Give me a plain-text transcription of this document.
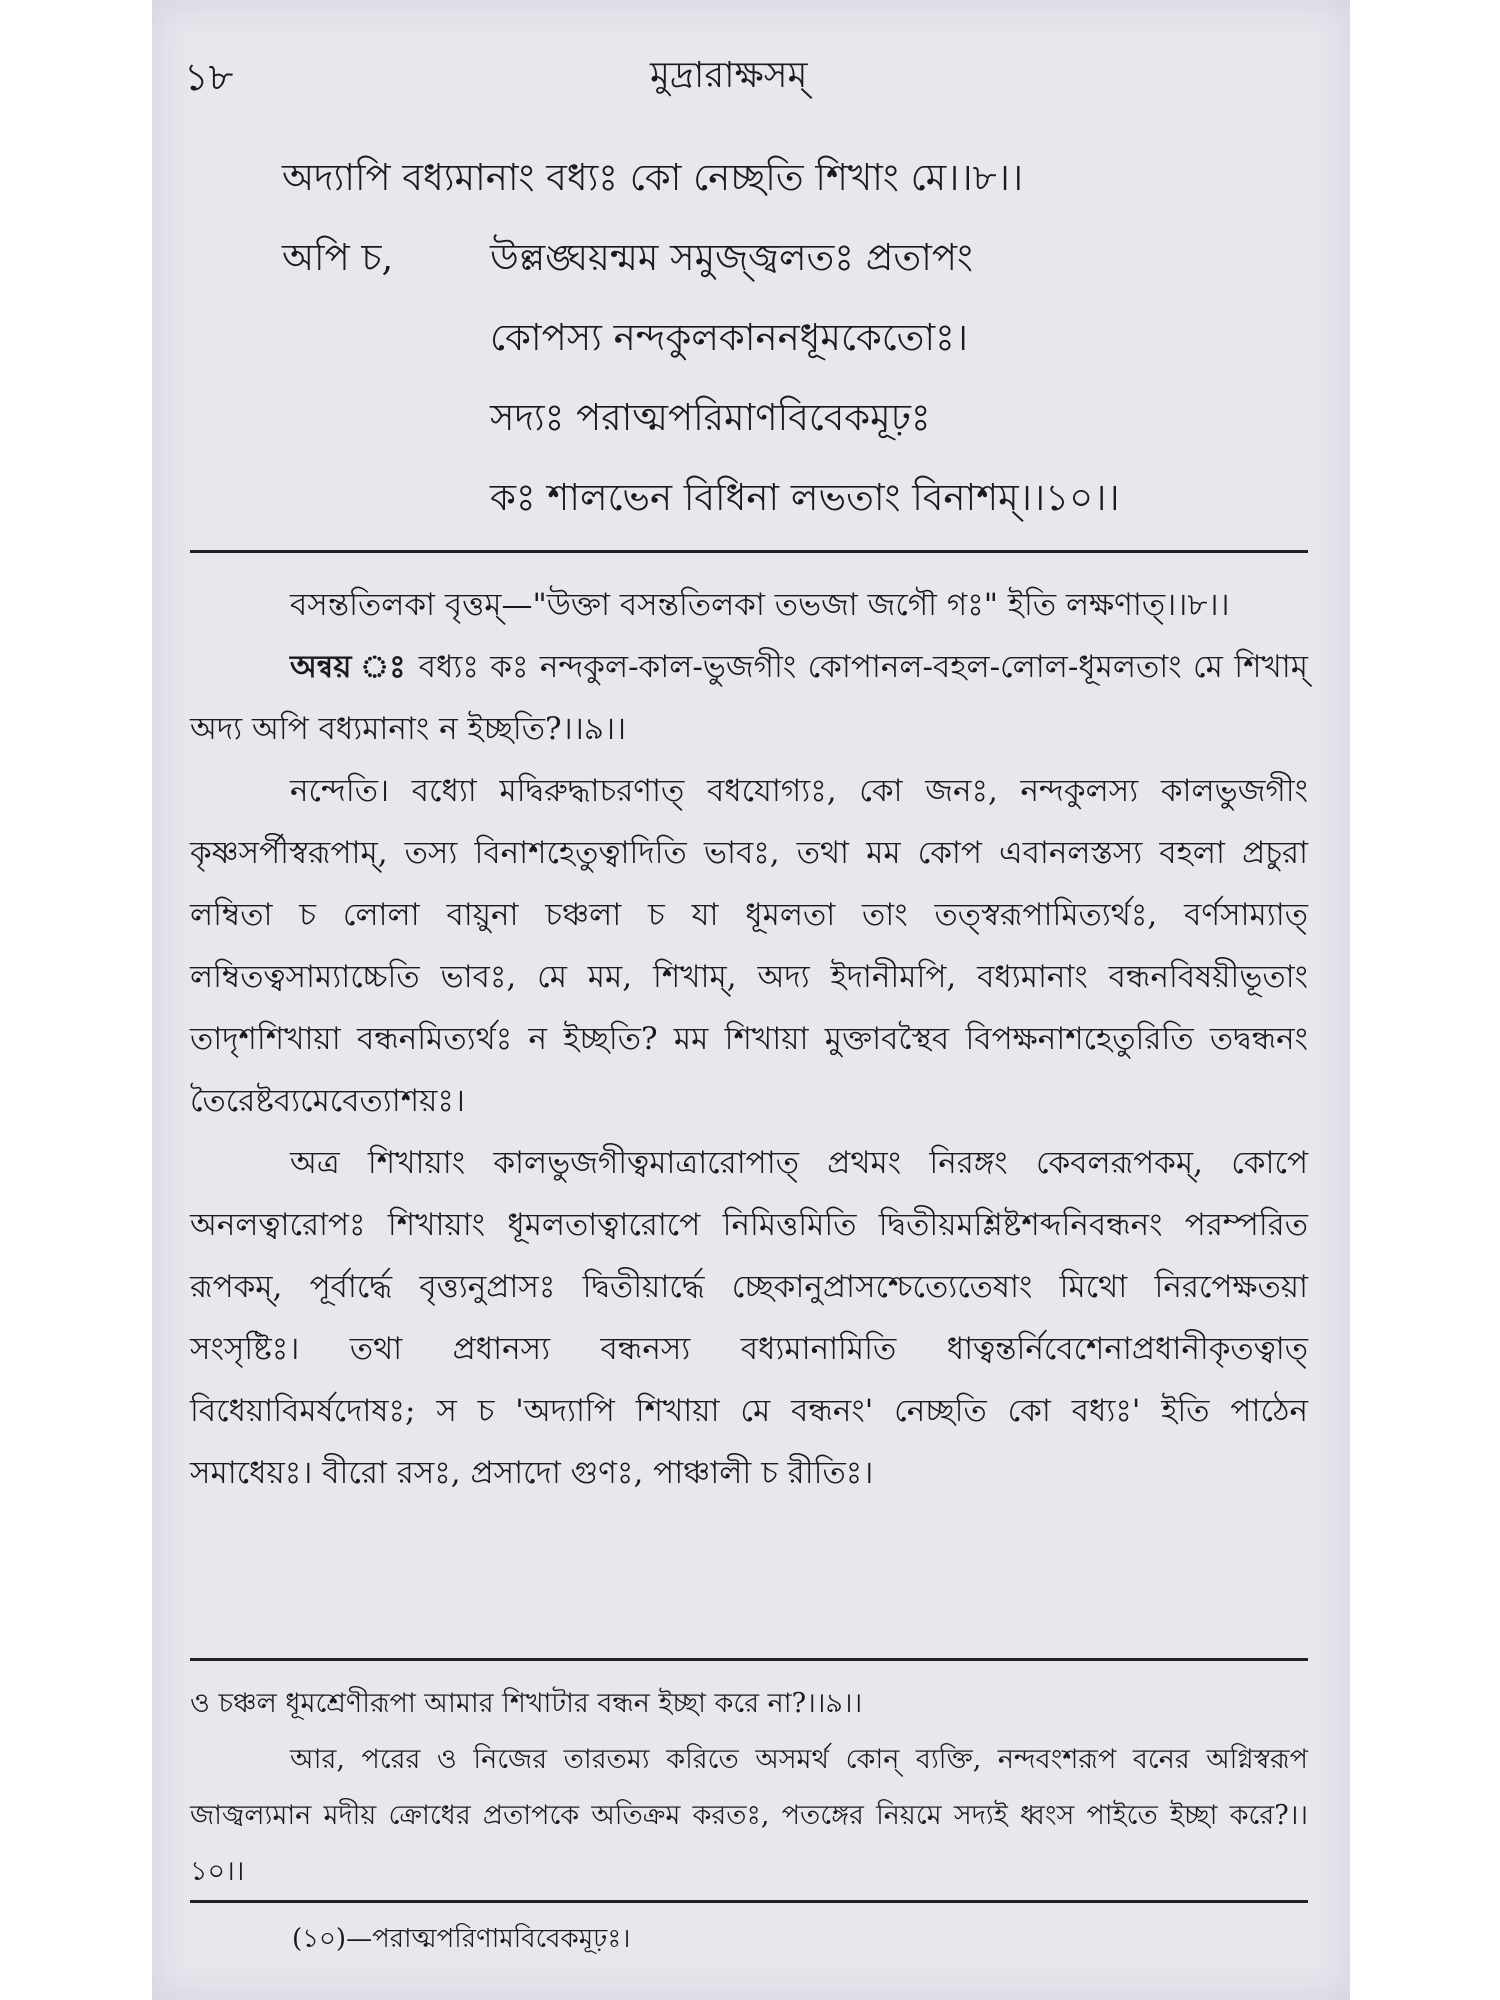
১৮	মুদ্রারাক্ষসম্
অদ্যাপি বধ্যমানাং বধ্যঃ কো নেচ্ছতি শিখাং মে।।৮।।
অপি চ,	উল্লঙ্ঘয়ন্মম সমুজ্জ্বলতঃ প্রতাপং
কোপস্য নন্দকুলকাননধূমকেতোঃ।
সদ্যঃ পরাত্মপরিমাণবিবেকমূঢ়ঃ
কঃ শালভেন বিধিনা লভতাং বিনাশম্।।১০।।

বসন্ততিলকা বৃত্তম্—"উক্তা বসন্ততিলকা তভজা জগৌ গঃ" ইতি লক্ষণাত্।।৮।।

অন্বয় ঃ বধ্যঃ কঃ নন্দকুল-কাল-ভুজগীং কোপানল-বহল-লোল-ধূমলতাং মে শিখাম্ অদ্য অপি বধ্যমানাং ন ইচ্ছতি?।।৯।।

নন্দেতি। বধ্যো মদ্বিরুদ্ধাচরণাত্ বধযোগ্যঃ, কো জনঃ, নন্দকুলস্য কালভুজগীং কৃষ্ণসর্পীস্বরূপাম্, তস্য বিনাশহেতুত্বাদিতি ভাবঃ, তথা মম কোপ এবানলস্তস্য বহলা প্রচুরা লম্বিতা চ লোলা বায়ুনা চঞ্চলা চ যা ধূমলতা তাং তত্স্বরূপামিত্যর্থঃ, বর্ণসাম্যাত্ লম্বিতত্বসাম্যাচ্চেতি ভাবঃ, মে মম, শিখাম্, অদ্য ইদানীমপি, বধ্যমানাং বন্ধনবিষয়ীভূতাং তাদৃশশিখায়া বন্ধনমিত্যর্থঃ ন ইচ্ছতি? মম শিখায়া মুক্তাবস্থৈব বিপক্ষনাশহেতুরিতি তদ্বন্ধনং তৈরেষ্টব্যমেবেত্যাশয়ঃ।

অত্র শিখায়াং কালভুজগীত্বমাত্রারোপাত্ প্রথমং নিরঙ্গং কেবলরূপকম্, কোপে অনলত্বারোপঃ শিখায়াং ধূমলতাত্বারোপে নিমিত্তমিতি দ্বিতীয়মশ্লিষ্টশব্দনিবন্ধনং পরম্পরিত রূপকম্, পূর্বার্দ্ধে বৃত্ত্যনুপ্রাসঃ দ্বিতীয়ার্দ্ধে চ্ছেকানুপ্রাসশ্চেত্যেতেষাং মিথো নিরপেক্ষতয়া সংসৃষ্টিঃ। তথা প্রধানস্য বন্ধনস্য বধ্যমানামিতি ধাত্বন্তর্নিবেশেনাপ্রধানীকৃতত্বাত্ বিধেয়াবিমর্ষদোষঃ; স চ 'অদ্যাপি শিখায়া মে বন্ধনং' নেচ্ছতি কো বধ্যঃ' ইতি পাঠেন সমাধেয়ঃ। বীরো রসঃ, প্রসাদো গুণঃ, পাঞ্চালী চ রীতিঃ।

ও চঞ্চল ধূমশ্রেণীরূপা আমার শিখাটার বন্ধন ইচ্ছা করে না?।।৯।।

আর, পরের ও নিজের তারতম্য করিতে অসমর্থ কোন্ ব্যক্তি, নন্দবংশরূপ বনের অগ্নিস্বরূপ জাজ্বল্যমান মদীয় ক্রোধের প্রতাপকে অতিক্রম করতঃ, পতঙ্গের নিয়মে সদ্যই ধ্বংস পাইতে ইচ্ছা করে?।।১০।।

(১০)—পরাত্মপরিণামবিবেকমূঢ়ঃ।
